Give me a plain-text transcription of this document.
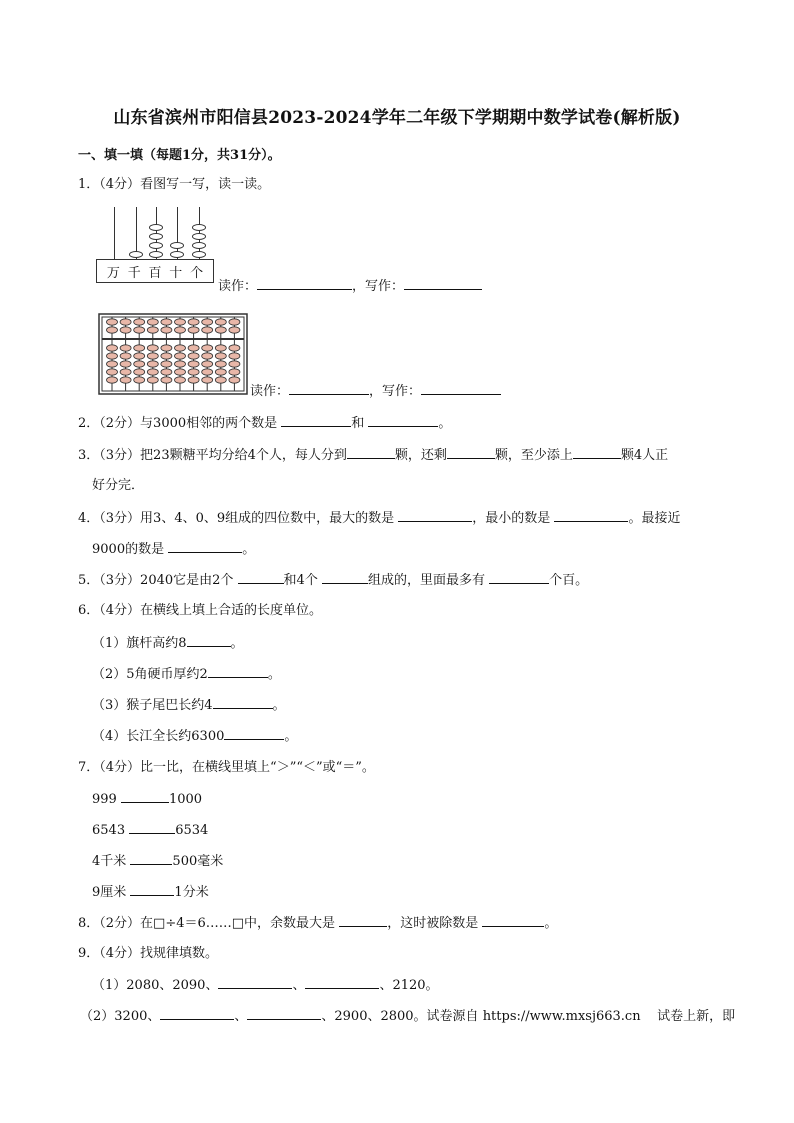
山东省滨州市阳信县2023-2024学年二年级下学期期中数学试卷(解析版)
一、填一填（每题1分，共31分）。
1．（4分）看图写一写，读一读。
万 千 百 十 个
读作：	，写作：
读作：	，写作：
2．（2分）与3000相邻的两个数是	和	。
3．（3分）把23颗糖平均分给4个人，每人分到	颗，还剩	颗，至少添上	颗4人正
好分完．
4．（3分）用3、4、0、9组成的四位数中，最大的数是	，最小的数是	。最接近
9000的数是	。
5．（3分）2040它是由2个	和4个	组成的，里面最多有	个百。
6．（4分）在横线上填上合适的长度单位。
（1）旗杆高约8	。
（2）5角硬币厚约2	。
（3）猴子尾巴长约4	。
（4）长江全长约6300	。
7．（4分）比一比，在横线里填上“＞”“＜”或“＝”。
999	1000
6543	6534
4千米	500毫米
9厘米	1分米
8．（2分）在□÷4＝6……□中，余数最大是	，这时被除数是	。
9．（4分）找规律填数。
（1）2080、2090、	、	、2120。
（2）3200、	、	、2900、2800。试卷源自 https://www.mxsj663.cn 试卷上新，即
